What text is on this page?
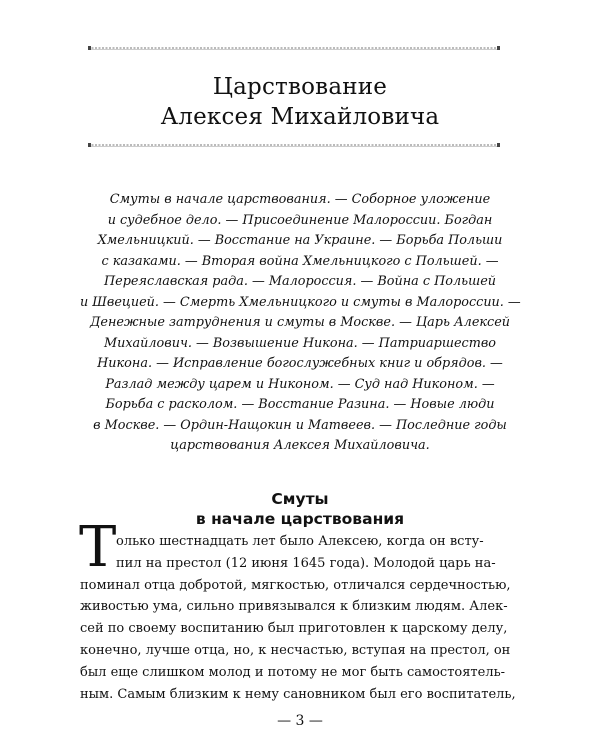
Царствование
Алексея Михайловича
Смуты в начале царствования. — Соборное уложение
и судебное дело. — Присоединение Малороссии. Богдан
Хмельницкий. — Восстание на Украине. — Борьба Польши
с казаками. — Вторая война Хмельницкого с Польшей. —
Переяславская рада. — Малороссия. — Война с Польшей
и Швецией. — Смерть Хмельницкого и смуты в Малороссии. —
Денежные затруднения и смуты в Москве. — Царь Алексей
Михайлович. — Возвышение Никона. — Патриаршество
Никона. — Исправление богослужебных книг и обрядов. —
Разлад между царем и Никоном. — Суд над Никоном. —
Борьба с расколом. — Восстание Разина. — Новые люди
в Москве. — Ордин-Нащокин и Матвеев. — Последние годы
царствования Алексея Михайловича.
Смуты
в начале царствования
Т олько шестнадцать лет было Алексею, когда он всту-
пил на престол (12 июня 1645 года). Молодой царь на-
поминал отца добротой, мягкостью, отличался сердечностью,
живостью ума, сильно привязывался к близким людям. Алек-
сей по своему воспитанию был приготовлен к царскому делу,
конечно, лучше отца, но, к несчастью, вступая на престол, он
был еще слишком молод и потому не мог быть самостоятель-
ным. Самым близким к нему сановником был его воспитатель,
— 3 —
